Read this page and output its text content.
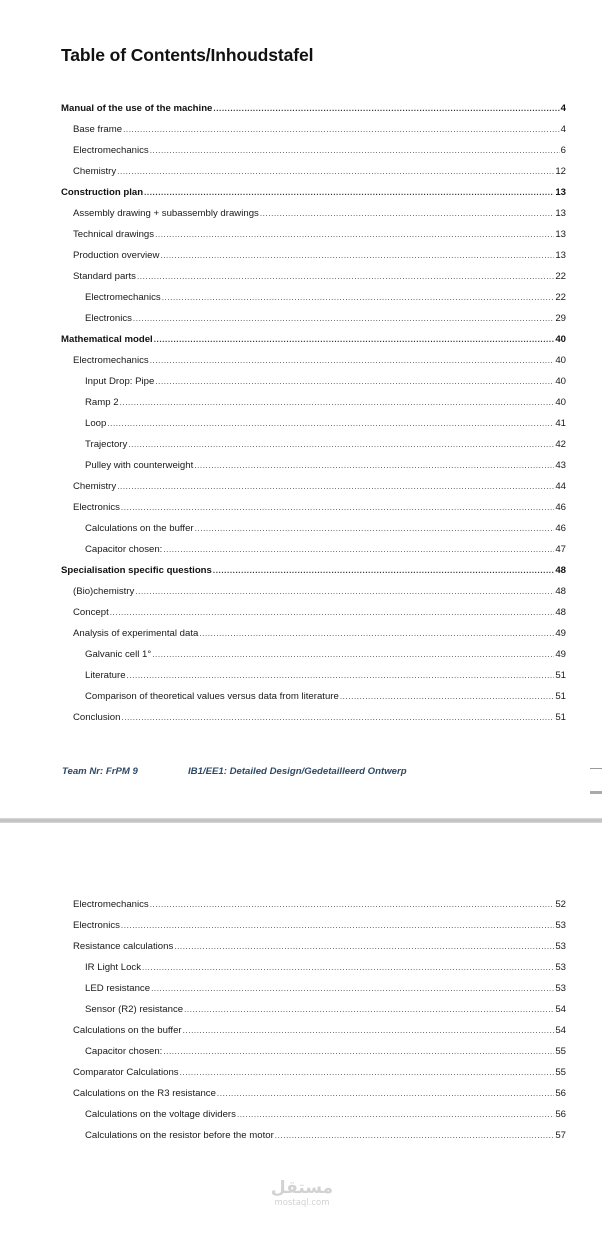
Table of Contents/Inhoudstafel
Manual of the use of the machine .....	4
Base frame .....	4
Electromechanics .....	6
Chemistry .....	12
Construction plan .....	13
Assembly drawing + subassembly drawings .....	13
Technical drawings .....	13
Production overview .....	13
Standard parts .....	22
Electromechanics .....	22
Electronics .....	29
Mathematical model .....	40
Electromechanics .....	40
Input Drop: Pipe .....	40
Ramp 2 .....	40
Loop .....	41
Trajectory .....	42
Pulley with counterweight .....	43
Chemistry .....	44
Electronics .....	46
Calculations on the buffer .....	46
Capacitor chosen: .....	47
Specialisation specific questions .....	48
(Bio)chemistry .....	48
Concept .....	48
Analysis of experimental data .....	49
Galvanic cell 1° .....	49
Literature .....	51
Comparison of theoretical values versus data from literature .....	51
Conclusion .....	51
Team Nr: FrPM 9	IB1/EE1: Detailed Design/Gedetailleerd Ontwerp
Electromechanics .....	52
Electronics .....	53
Resistance calculations .....	53
IR Light Lock .....	53
LED resistance .....	53
Sensor (R2) resistance .....	54
Calculations on the buffer .....	54
Capacitor chosen: .....	55
Comparator Calculations .....	55
Calculations on the R3 resistance .....	56
Calculations on the voltage dividers .....	56
Calculations on the resistor before the motor .....	57
مستقل
mostaql.com
